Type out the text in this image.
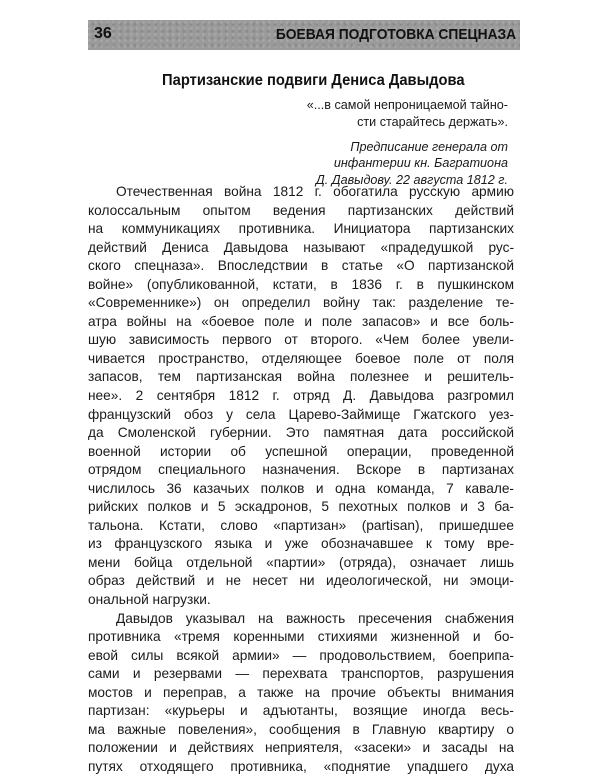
36	БОЕВАЯ ПОДГОТОВКА СПЕЦНАЗА
Партизанские подвиги Дениса Давыдова

«...в самой непроницаемой тайно-
сти старайтесь держать».

Предписание генерала от
инфантерии кн. Багратиона
Д. Давыдову. 22 августа 1812 г.

Отечественная война 1812 г. обогатила русскую армию
колоссальным опытом ведения партизанских действий
на коммуникациях противника. Инициатора партизанских
действий Дениса Давыдова называют «прадедушкой рус-
ского спецназа». Впоследствии в статье «О партизанской
войне» (опубликованной, кстати, в 1836 г. в пушкинском
«Современнике») он определил войну так: разделение те-
атра войны на «боевое поле и поле запасов» и все боль-
шую зависимость первого от второго. «Чем более увели-
чивается пространство, отделяющее боевое поле от поля
запасов, тем партизанская война полезнее и решитель-
нее». 2 сентября 1812 г. отряд Д. Давыдова разгромил
французский обоз у села Царево-Займище Гжатского уез-
да Смоленской губернии. Это памятная дата российской
военной истории об успешной операции, проведенной
отрядом специального назначения. Вскоре в партизанах
числилось 36 казачьих полков и одна команда, 7 кавале-
рийских полков и 5 эскадронов, 5 пехотных полков и 3 ба-
тальона. Кстати, слово «партизан» (partisan), пришедшее
из французского языка и уже обозначавшее к тому вре-
мени бойца отдельной «партии» (отряда), означает лишь
образ действий и не несет ни идеологической, ни эмоци-
ональной нагрузки.
Давыдов указывал на важность пресечения снабжения
противника «тремя коренными стихиями жизненной и бо-
евой силы всякой армии» — продовольствием, боеприпа-
сами и резервами — перехвата транспортов, разрушения
мостов и переправ, а также на прочие объекты внимания
партизан: «курьеры и адъютанты, возящие иногда весь-
ма важные повеления», сообщения в Главную квартиру о
положении и действиях неприятеля, «засеки» и засады на
путях отходящего противника, «поднятие упадшего духа
